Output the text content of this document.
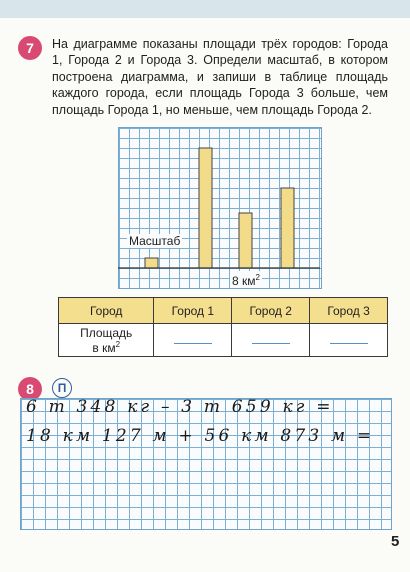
7	На диаграмме показаны площади трёх городов: Города 1, Города 2 и Города 3. Определи масштаб, в котором построена диаграмма, и запиши в таблице площадь каждого города, если площадь Города 3 больше, чем площадь Города 1, но меньше, чем площадь Города 2.

Масштаб
8 $км^2$
Город	Город 1	Город 2	Город 3

Площадь
в $км^2$

8	П
6 т 348 кг – 3 т 659 кг =
18 км 127 м + 56 км 873 м =
5
